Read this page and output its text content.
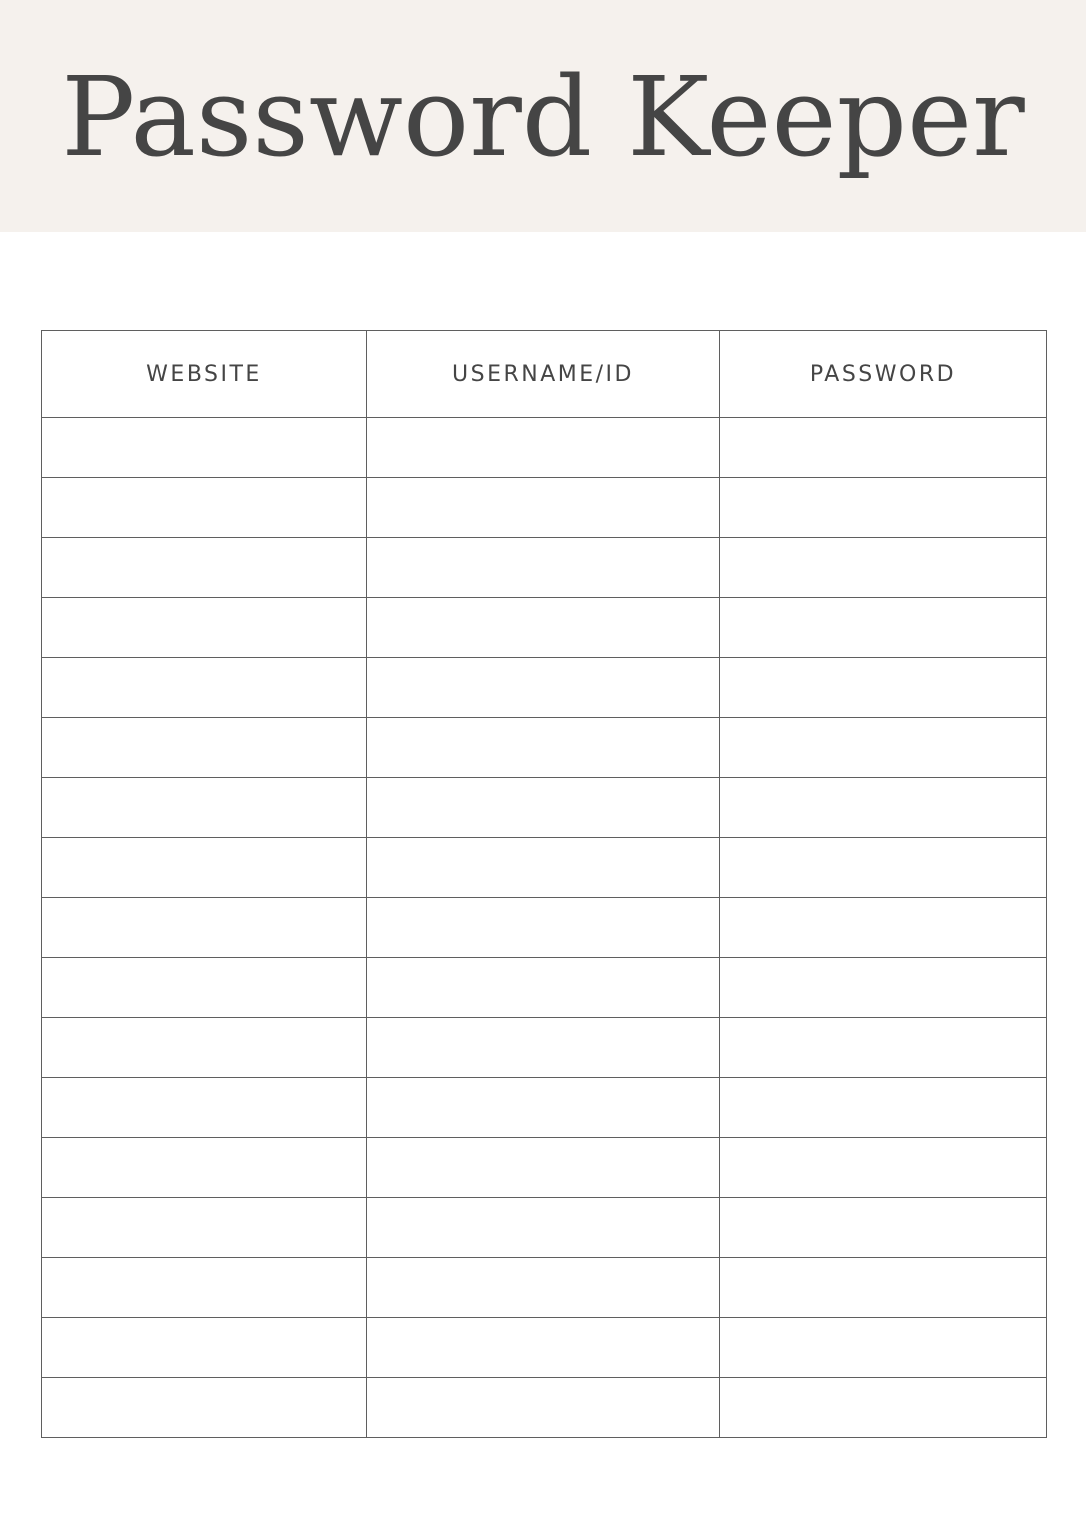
Password Keeper
WEBSITE	USERNAME/ID	PASSWORD
